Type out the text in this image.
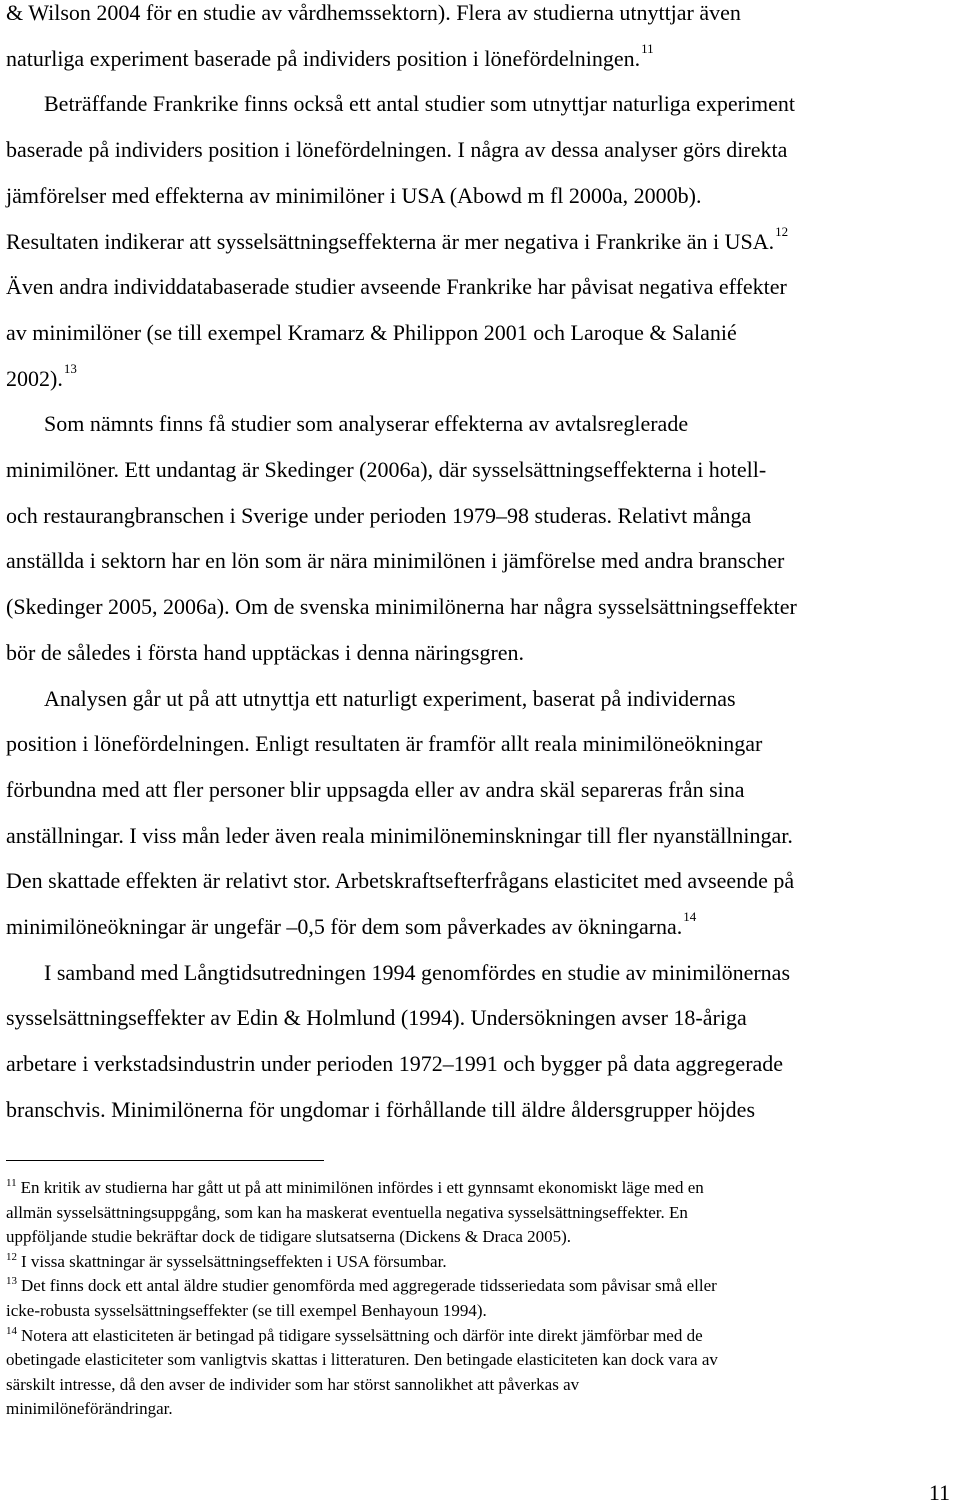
& Wilson 2004 för en studie av vårdhemssektorn). Flera av studierna utnyttjar även
naturliga experiment baserade på individers position i lönefördelningen.$^{11}$
Beträffande Frankrike finns också ett antal studier som utnyttjar naturliga experiment
baserade på individers position i lönefördelningen. I några av dessa analyser görs direkta
jämförelser med effekterna av minimilöner i USA (Abowd m fl 2000a, 2000b).
Resultaten indikerar att sysselsättningseffekterna är mer negativa i Frankrike än i USA.$^{12}$
Även andra individdatabaserade studier avseende Frankrike har påvisat negativa effekter
av minimilöner (se till exempel Kramarz & Philippon 2001 och Laroque & Salanié
2002).$^{13}$
Som nämnts finns få studier som analyserar effekterna av avtalsreglerade
minimilöner. Ett undantag är Skedinger (2006a), där sysselsättningseffekterna i hotell-
och restaurangbranschen i Sverige under perioden 1979–98 studeras. Relativt många
anställda i sektorn har en lön som är nära minimilönen i jämförelse med andra branscher
(Skedinger 2005, 2006a). Om de svenska minimilönerna har några sysselsättningseffekter
bör de således i första hand upptäckas i denna näringsgren.
Analysen går ut på att utnyttja ett naturligt experiment, baserat på individernas
position i lönefördelningen. Enligt resultaten är framför allt reala minimilöneökningar
förbundna med att fler personer blir uppsagda eller av andra skäl separeras från sina
anställningar. I viss mån leder även reala minimilöneminskningar till fler nyanställningar.
Den skattade effekten är relativt stor. Arbetskraftsefterfrågans elasticitet med avseende på
minimilöneökningar är ungefär –0,5 för dem som påverkades av ökningarna.$^{14}$
I samband med Långtidsutredningen 1994 genomfördes en studie av minimilönernas
sysselsättningseffekter av Edin & Holmlund (1994). Undersökningen avser 18-åriga
arbetare i verkstadsindustrin under perioden 1972–1991 och bygger på data aggregerade
branschvis. Minimilönerna för ungdomar i förhållande till äldre åldersgrupper höjdes
$^{11}$ En kritik av studierna har gått ut på att minimilönen infördes i ett gynnsamt ekonomiskt läge med en
allmän sysselsättningsuppgång, som kan ha maskerat eventuella negativa sysselsättningseffekter. En
uppföljande studie bekräftar dock de tidigare slutsatserna (Dickens & Draca 2005).
$^{12}$ I vissa skattningar är sysselsättningseffekten i USA försumbar.
$^{13}$ Det finns dock ett antal äldre studier genomförda med aggregerade tidsseriedata som påvisar små eller
icke-robusta sysselsättningseffekter (se till exempel Benhayoun 1994).
$^{14}$ Notera att elasticiteten är betingad på tidigare sysselsättning och därför inte direkt jämförbar med de
obetingade elasticiteter som vanligtvis skattas i litteraturen. Den betingade elasticiteten kan dock vara av
särskilt intresse, då den avser de individer som har störst sannolikhet att påverkas av
minimilöneförändringar.
11
